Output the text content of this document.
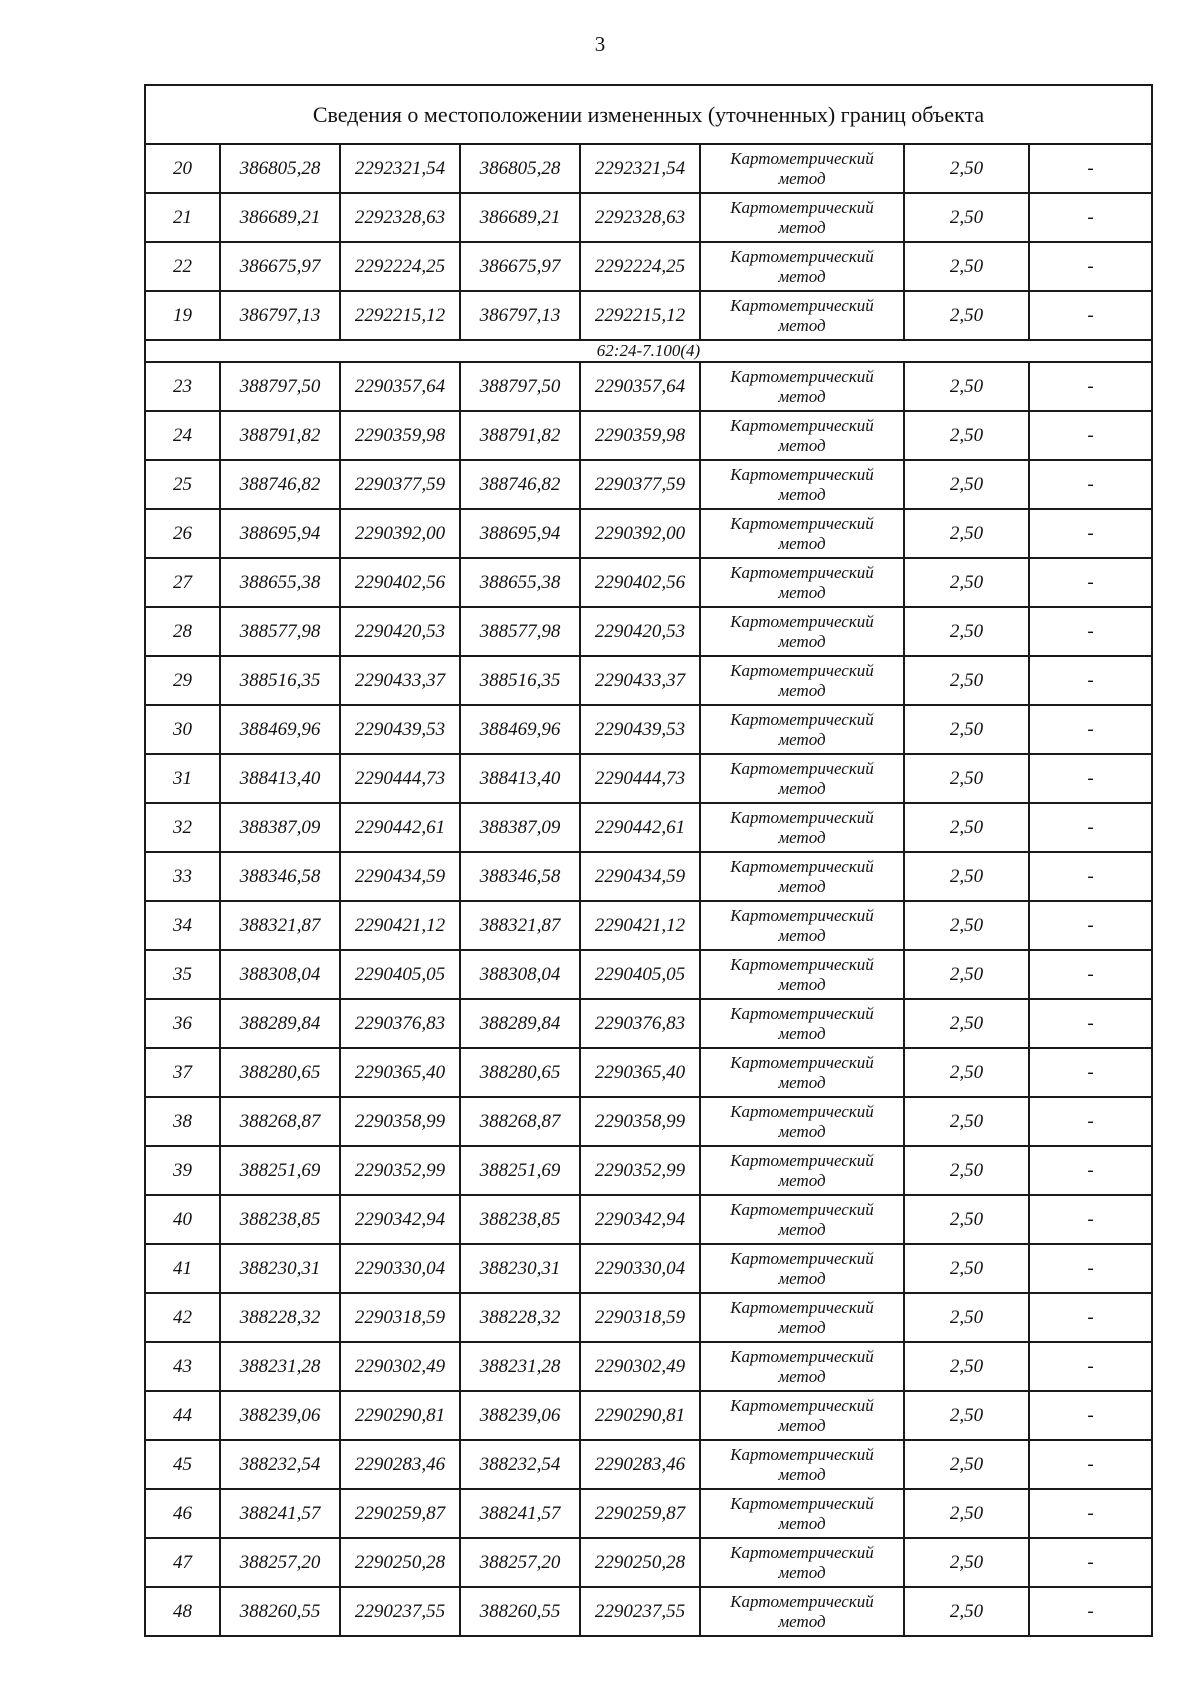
3
Сведения о местоположении измененных (уточненных) границ объекта							
20	386805,28	2292321,54	386805,28	2292321,54	Картометрический
метод	2,50	-
21	386689,21	2292328,63	386689,21	2292328,63	Картометрический
метод	2,50	-
22	386675,97	2292224,25	386675,97	2292224,25	Картометрический
метод	2,50	-
19	386797,13	2292215,12	386797,13	2292215,12	Картометрический
метод	2,50	-
62:24-7.100(4)							
23	388797,50	2290357,64	388797,50	2290357,64	Картометрический
метод	2,50	-
24	388791,82	2290359,98	388791,82	2290359,98	Картометрический
метод	2,50	-
25	388746,82	2290377,59	388746,82	2290377,59	Картометрический
метод	2,50	-
26	388695,94	2290392,00	388695,94	2290392,00	Картометрический
метод	2,50	-
27	388655,38	2290402,56	388655,38	2290402,56	Картометрический
метод	2,50	-
28	388577,98	2290420,53	388577,98	2290420,53	Картометрический
метод	2,50	-
29	388516,35	2290433,37	388516,35	2290433,37	Картометрический
метод	2,50	-
30	388469,96	2290439,53	388469,96	2290439,53	Картометрический
метод	2,50	-
31	388413,40	2290444,73	388413,40	2290444,73	Картометрический
метод	2,50	-
32	388387,09	2290442,61	388387,09	2290442,61	Картометрический
метод	2,50	-
33	388346,58	2290434,59	388346,58	2290434,59	Картометрический
метод	2,50	-
34	388321,87	2290421,12	388321,87	2290421,12	Картометрический
метод	2,50	-
35	388308,04	2290405,05	388308,04	2290405,05	Картометрический
метод	2,50	-
36	388289,84	2290376,83	388289,84	2290376,83	Картометрический
метод	2,50	-
37	388280,65	2290365,40	388280,65	2290365,40	Картометрический
метод	2,50	-
38	388268,87	2290358,99	388268,87	2290358,99	Картометрический
метод	2,50	-
39	388251,69	2290352,99	388251,69	2290352,99	Картометрический
метод	2,50	-
40	388238,85	2290342,94	388238,85	2290342,94	Картометрический
метод	2,50	-
41	388230,31	2290330,04	388230,31	2290330,04	Картометрический
метод	2,50	-
42	388228,32	2290318,59	388228,32	2290318,59	Картометрический
метод	2,50	-
43	388231,28	2290302,49	388231,28	2290302,49	Картометрический
метод	2,50	-
44	388239,06	2290290,81	388239,06	2290290,81	Картометрический
метод	2,50	-
45	388232,54	2290283,46	388232,54	2290283,46	Картометрический
метод	2,50	-
46	388241,57	2290259,87	388241,57	2290259,87	Картометрический
метод	2,50	-
47	388257,20	2290250,28	388257,20	2290250,28	Картометрический
метод	2,50	-
48	388260,55	2290237,55	388260,55	2290237,55	Картометрический
метод	2,50	-
